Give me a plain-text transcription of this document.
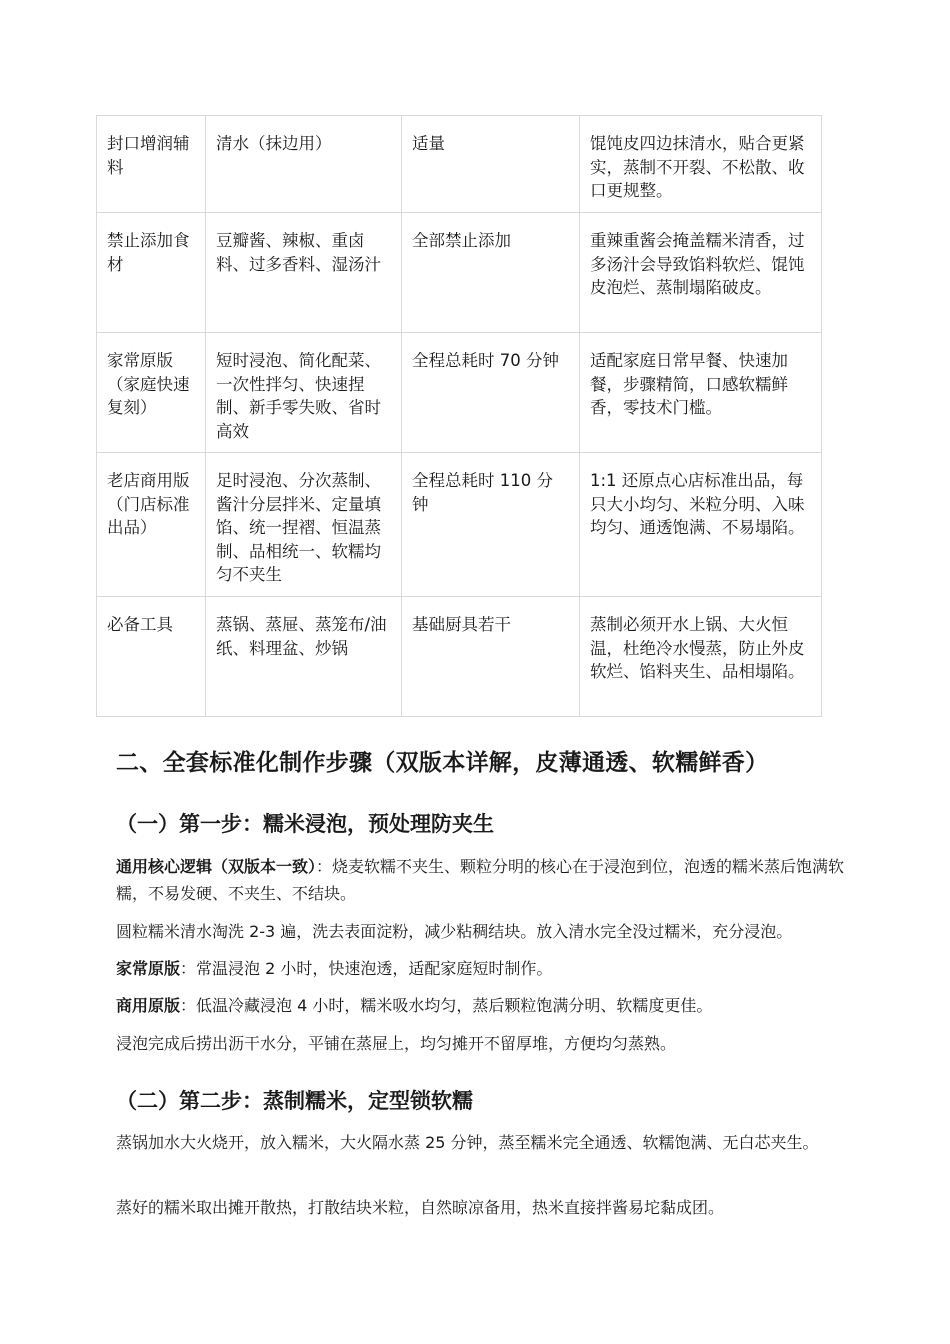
封口增润辅料	清水（抹边用）	适量	馄饨皮四边抹清水，贴合更紧实，蒸制不开裂、不松散、收口更规整。
禁止添加食材	豆瓣酱、辣椒、重卤料、过多香料、湿汤汁	全部禁止添加	重辣重酱会掩盖糯米清香，过多汤汁会导致馅料软烂、馄饨皮泡烂、蒸制塌陷破皮。
家常原版（家庭快速复刻）	短时浸泡、简化配菜、一次性拌匀、快速捏制、新手零失败、省时高效	全程总耗时 70 分钟	适配家庭日常早餐、快速加餐，步骤精简，口感软糯鲜香，零技术门槛。
老店商用版（门店标准出品）	足时浸泡、分次蒸制、酱汁分层拌米、定量填馅、统一捏褶、恒温蒸制、品相统一、软糯均匀不夹生	全程总耗时 110 分钟	1:1 还原点心店标准出品，每只大小均匀、米粒分明、入味均匀、通透饱满、不易塌陷。
必备工具	蒸锅、蒸屉、蒸笼布/油纸、料理盆、炒锅	基础厨具若干	蒸制必须开水上锅、大火恒温，杜绝冷水慢蒸，防止外皮软烂、馅料夹生、品相塌陷。
二、全套标准化制作步骤（双版本详解，皮薄通透、软糯鲜香）
（一）第一步：糯米浸泡，预处理防夹生

通用核心逻辑（双版本一致）：烧麦软糯不夹生、颗粒分明的核心在于浸泡到位，泡透的糯米蒸后饱满软糯，不易发硬、不夹生、不结块。

圆粒糯米清水淘洗 2-3 遍，洗去表面淀粉，减少粘稠结块。放入清水完全没过糯米，充分浸泡。

家常原版：常温浸泡 2 小时，快速泡透，适配家庭短时制作。

商用原版：低温冷藏浸泡 4 小时，糯米吸水均匀，蒸后颗粒饱满分明、软糯度更佳。

浸泡完成后捞出沥干水分，平铺在蒸屉上，均匀摊开不留厚堆，方便均匀蒸熟。

（二）第二步：蒸制糯米，定型锁软糯

蒸锅加水大火烧开，放入糯米，大火隔水蒸 25 分钟，蒸至糯米完全通透、软糯饱满、无白芯夹生。

蒸好的糯米取出摊开散热，打散结块米粒，自然晾凉备用，热米直接拌酱易坨黏成团。
